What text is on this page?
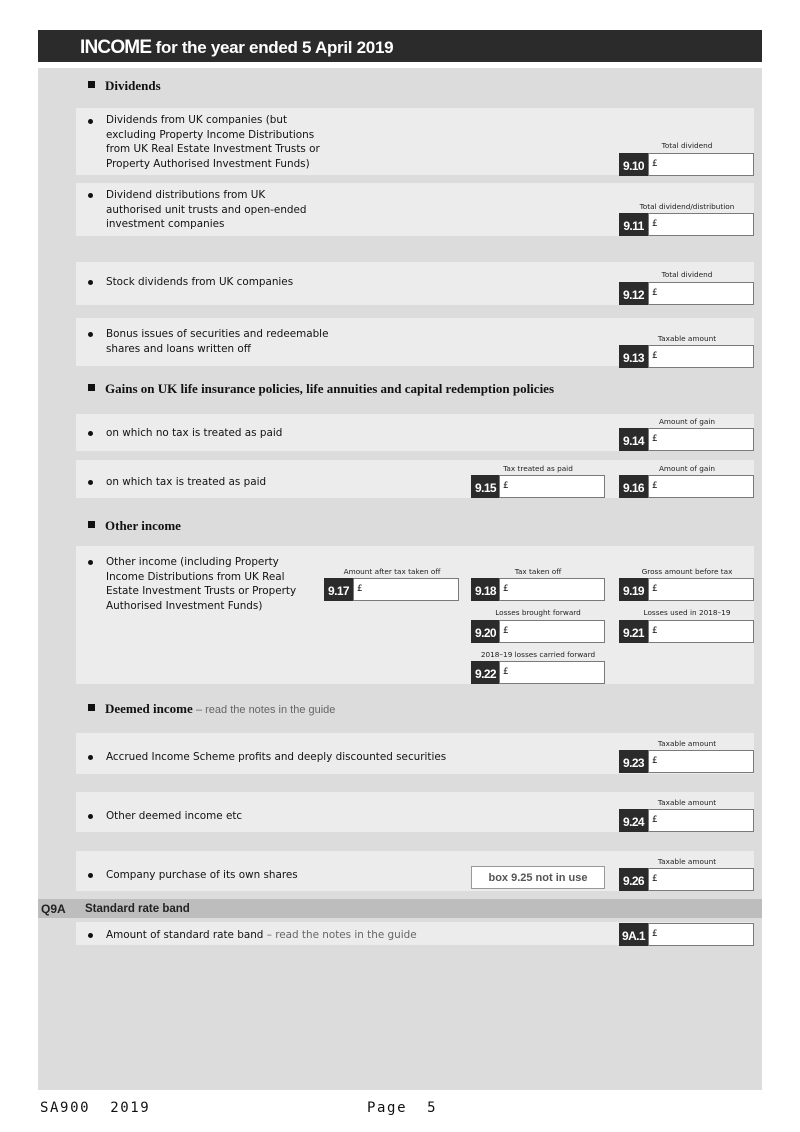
INCOME for the year ended 5 April 2019
Dividends
Dividends from UK companies (but
excluding Property Income Distributions
from UK Real Estate Investment Trusts or
Property Authorised Investment Funds)
Total dividend
9.10 £
Dividend distributions from UK
authorised unit trusts and open-ended
investment companies
Total dividend/distribution
9.11 £
Stock dividends from UK companies
Total dividend
9.12 £
Bonus issues of securities and redeemable
shares and loans written off
Taxable amount
9.13 £
Gains on UK life insurance policies, life annuities and capital redemption policies
on which no tax is treated as paid
Amount of gain
9.14 £
on which tax is treated as paid
Tax treated as paid
9.15 £
Amount of gain
9.16 £
Other income
Other income (including Property
Income Distributions from UK Real
Estate Investment Trusts or Property
Authorised Investment Funds)
Amount after tax taken off
9.17 £
Tax taken off
9.18 £
Gross amount before tax
9.19 £
Losses brought forward
9.20 £
Losses used in 2018–19
9.21 £
2018–19 losses carried forward
9.22 £
Deemed income – read the notes in the guide
Accrued Income Scheme profits and deeply discounted securities
Taxable amount
9.23 £
Other deemed income etc
Taxable amount
9.24 £
Company purchase of its own shares	box 9.25 not in use
Taxable amount
9.26 £
Q9A Standard rate band
Amount of standard rate band – read the notes in the guide	9A.1 £
SA900  2019	Page  5
